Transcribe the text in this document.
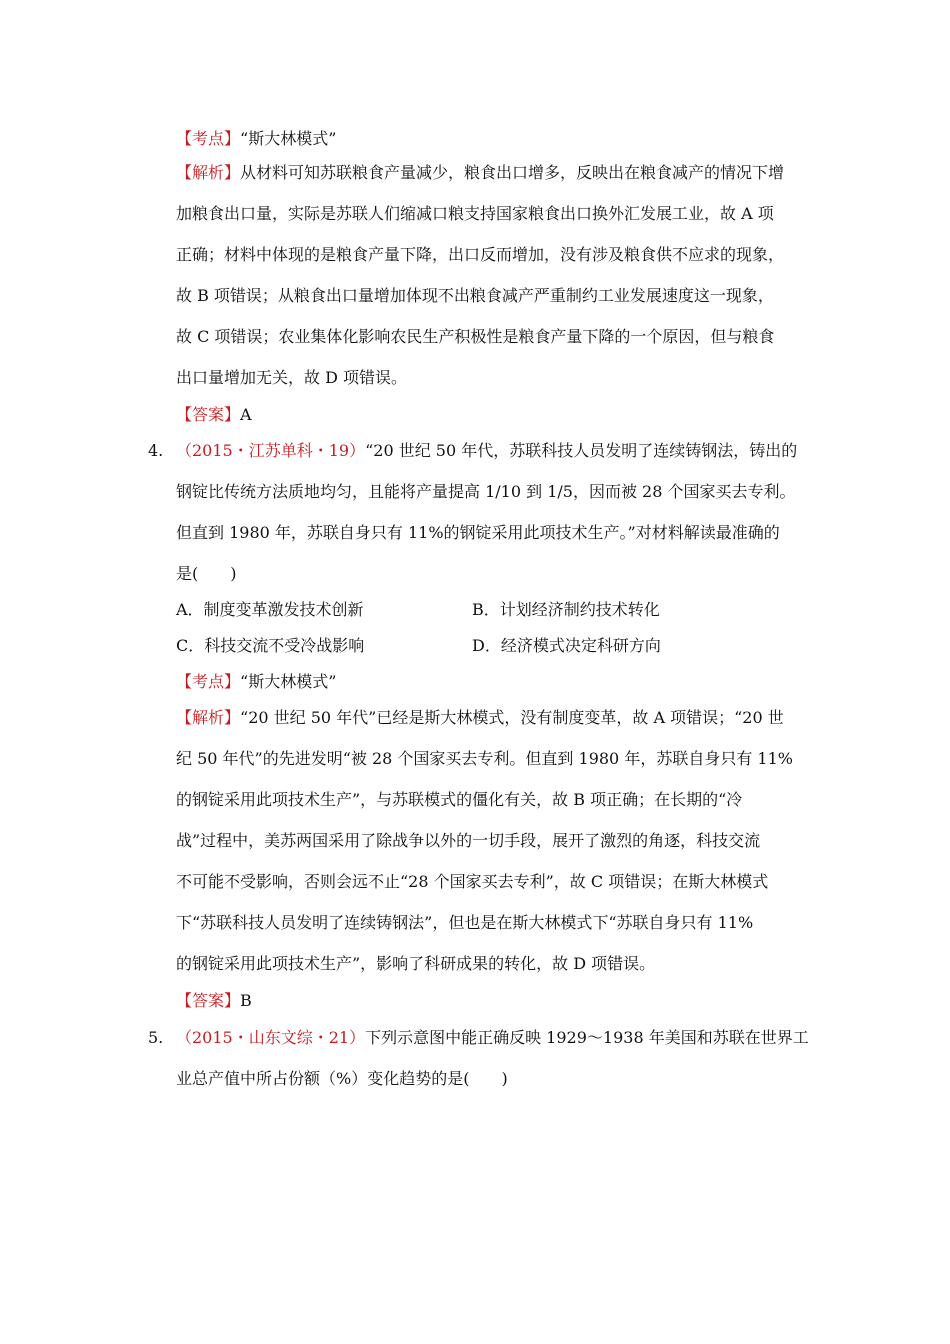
【考点】“斯大林模式”
【解析】从材料可知苏联粮食产量减少，粮食出口增多，反映出在粮食减产的情况下增
加粮食出口量，实际是苏联人们缩减口粮支持国家粮食出口换外汇发展工业，故 A 项
正确；材料中体现的是粮食产量下降，出口反而增加，没有涉及粮食供不应求的现象，
故 B 项错误；从粮食出口量增加体现不出粮食减产严重制约工业发展速度这一现象，
故 C 项错误；农业集体化影响农民生产积极性是粮食产量下降的一个原因，但与粮食
出口量增加无关，故 D 项错误。
【答案】A
4. （2015・江苏单科・19）“20 世纪 50 年代，苏联科技人员发明了连续铸钢法，铸出的
钢锭比传统方法质地均匀，且能将产量提高 1/10 到 1/5，因而被 28 个国家买去专利。
但直到 1980 年，苏联自身只有 11%的钢锭采用此项技术生产。”对材料解读最准确的
是(　　)
A．制度变革激发技术创新	B．计划经济制约技术转化
C．科技交流不受冷战影响	D．经济模式决定科研方向
【考点】“斯大林模式”
【解析】“20 世纪 50 年代”已经是斯大林模式，没有制度变革，故 A 项错误；“20 世
纪 50 年代”的先进发明“被 28 个国家买去专利。但直到 1980 年，苏联自身只有 11%
的钢锭采用此项技术生产”，与苏联模式的僵化有关，故 B 项正确；在长期的“冷
战”过程中，美苏两国采用了除战争以外的一切手段，展开了激烈的角逐，科技交流
不可能不受影响，否则会远不止“28 个国家买去专利”，故 C 项错误；在斯大林模式
下“苏联科技人员发明了连续铸钢法”，但也是在斯大林模式下“苏联自身只有 11%
的钢锭采用此项技术生产”，影响了科研成果的转化，故 D 项错误。
【答案】B
5. （2015・山东文综・21）下列示意图中能正确反映 1929～1938 年美国和苏联在世界工
业总产值中所占份额（%）变化趋势的是(　　)
